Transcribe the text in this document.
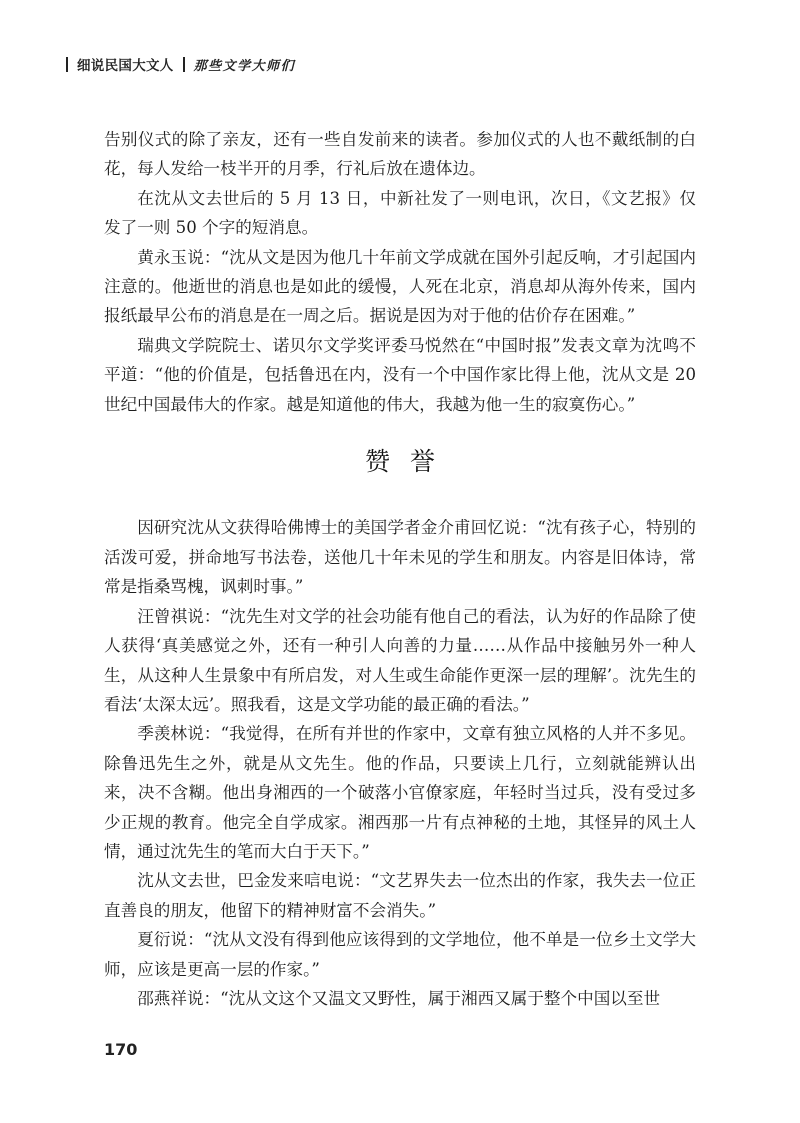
细说民国大文人 那些文学大师们

告别仪式的除了亲友，还有一些自发前来的读者。参加仪式的人也不戴纸制的白花，每人发给一枝半开的月季，行礼后放在遗体边。

在沈从文去世后的 5 月 13 日，中新社发了一则电讯，次日，《文艺报》仅发了一则 50 个字的短消息。

黄永玉说：“沈从文是因为他几十年前文学成就在国外引起反响，才引起国内注意的。他逝世的消息也是如此的缓慢，人死在北京，消息却从海外传来，国内报纸最早公布的消息是在一周之后。据说是因为对于他的估价存在困难。”

瑞典文学院院士、诺贝尔文学奖评委马悦然在“中国时报”发表文章为沈鸣不平道：“他的价值是，包括鲁迅在内，没有一个中国作家比得上他，沈从文是 20 世纪中国最伟大的作家。越是知道他的伟大，我越为他一生的寂寞伤心。”

赞誉

因研究沈从文获得哈佛博士的美国学者金介甫回忆说：“沈有孩子心，特别的活泼可爱，拼命地写书法卷，送他几十年未见的学生和朋友。内容是旧体诗，常常是指桑骂槐，讽刺时事。”

汪曾祺说：“沈先生对文学的社会功能有他自己的看法，认为好的作品除了使人获得‘真美感觉之外，还有一种引人向善的力量……从作品中接触另外一种人生，从这种人生景象中有所启发，对人生或生命能作更深一层的理解’。沈先生的看法‘太深太远’。照我看，这是文学功能的最正确的看法。”

季羡林说：“我觉得，在所有并世的作家中，文章有独立风格的人并不多见。除鲁迅先生之外，就是从文先生。他的作品，只要读上几行，立刻就能辨认出来，决不含糊。他出身湘西的一个破落小官僚家庭，年轻时当过兵，没有受过多少正规的教育。他完全自学成家。湘西那一片有点神秘的土地，其怪异的风土人情，通过沈先生的笔而大白于天下。”

沈从文去世，巴金发来唁电说：“文艺界失去一位杰出的作家，我失去一位正直善良的朋友，他留下的精神财富不会消失。”

夏衍说：“沈从文没有得到他应该得到的文学地位，他不单是一位乡土文学大师，应该是更高一层的作家。”

邵燕祥说：“沈从文这个又温文又野性，属于湘西又属于整个中国以至世

170
